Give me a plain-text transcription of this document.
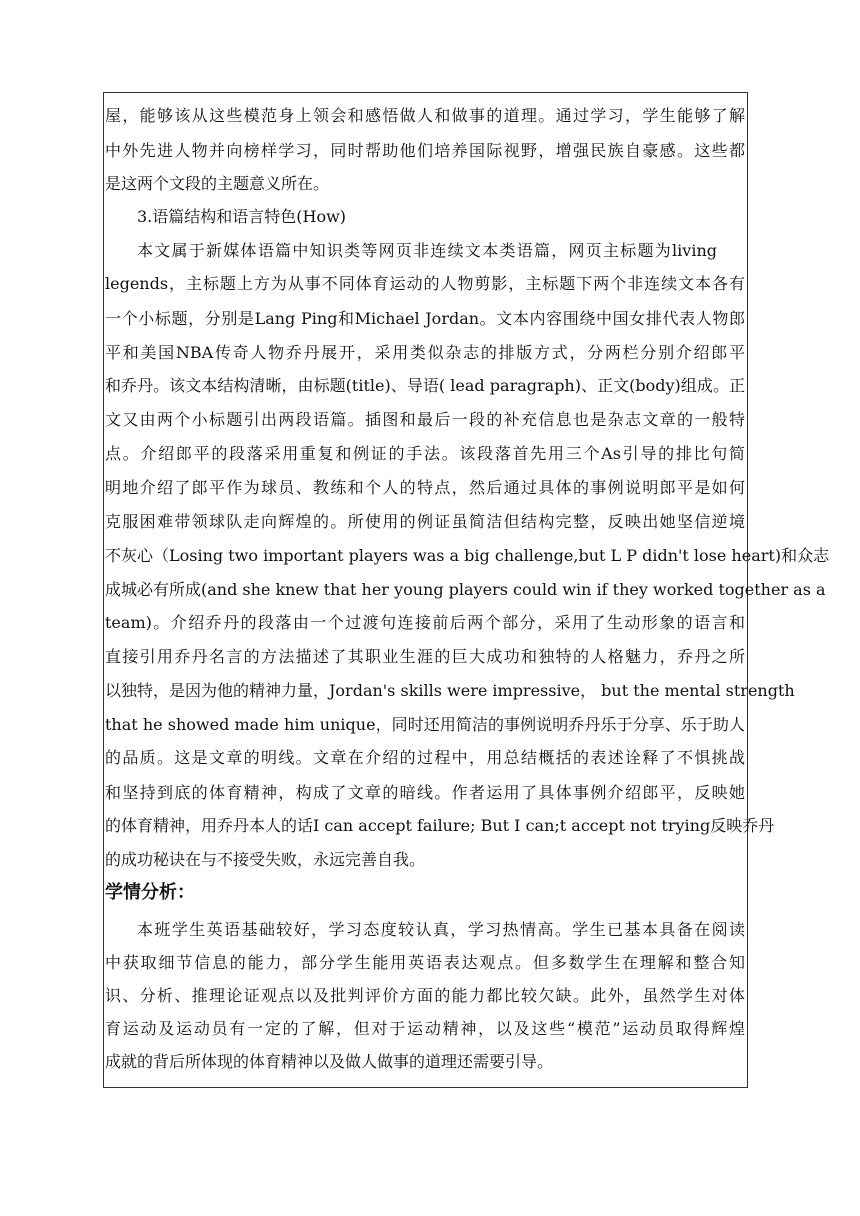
屋，能够该从这些模范身上领会和感悟做人和做事的道理。通过学习，学生能够了解
中外先进人物并向榜样学习，同时帮助他们培养国际视野，增强民族自豪感。这些都
是这两个文段的主题意义所在。
3.语篇结构和语言特色(How)
本文属于新媒体语篇中知识类等网页非连续文本类语篇，网页主标题为living
legends，主标题上方为从事不同体育运动的人物剪影，主标题下两个非连续文本各有
一个小标题，分别是Lang Ping和Michael Jordan。文本内容围绕中国女排代表人物郎
平和美国NBA传奇人物乔丹展开，采用类似杂志的排版方式，分两栏分别介绍郎平
和乔丹。该文本结构清晰，由标题(title)、导语( lead paragraph)、正文(body)组成。正
文又由两个小标题引出两段语篇。插图和最后一段的补充信息也是杂志文章的一般特
点。介绍郎平的段落采用重复和例证的手法。该段落首先用三个As引导的排比句简
明地介绍了郎平作为球员、教练和个人的特点，然后通过具体的事例说明郎平是如何
克服困难带领球队走向辉煌的。所使用的例证虽简洁但结构完整，反映出她坚信逆境
不灰心（Losing two important players was a big challenge,but L P didn't lose heart)和众志
成城必有所成(and she knew that her young players could win if they worked together as a
team)。介绍乔丹的段落由一个过渡句连接前后两个部分，采用了生动形象的语言和
直接引用乔丹名言的方法描述了其职业生涯的巨大成功和独特的人格魅力，乔丹之所
以独特，是因为他的精神力量，Jordan's skills were impressive， but the mental strength
that he showed made him unique，同时还用简洁的事例说明乔丹乐于分享、乐于助人
的品质。这是文章的明线。文章在介绍的过程中，用总结概括的表述诠释了不惧挑战
和坚持到底的体育精神，构成了文章的暗线。作者运用了具体事例介绍郎平，反映她
的体育精神，用乔丹本人的话I can accept failure; But I can;t accept not trying反映乔丹
的成功秘诀在与不接受失败，永远完善自我。
学情分析：
本班学生英语基础较好，学习态度较认真，学习热情高。学生已基本具备在阅读
中获取细节信息的能力，部分学生能用英语表达观点。但多数学生在理解和整合知
识、分析、推理论证观点以及批判评价方面的能力都比较欠缺。此外，虽然学生对体
育运动及运动员有一定的了解，但对于运动精神，以及这些“模范”运动员取得辉煌
成就的背后所体现的体育精神以及做人做事的道理还需要引导。
